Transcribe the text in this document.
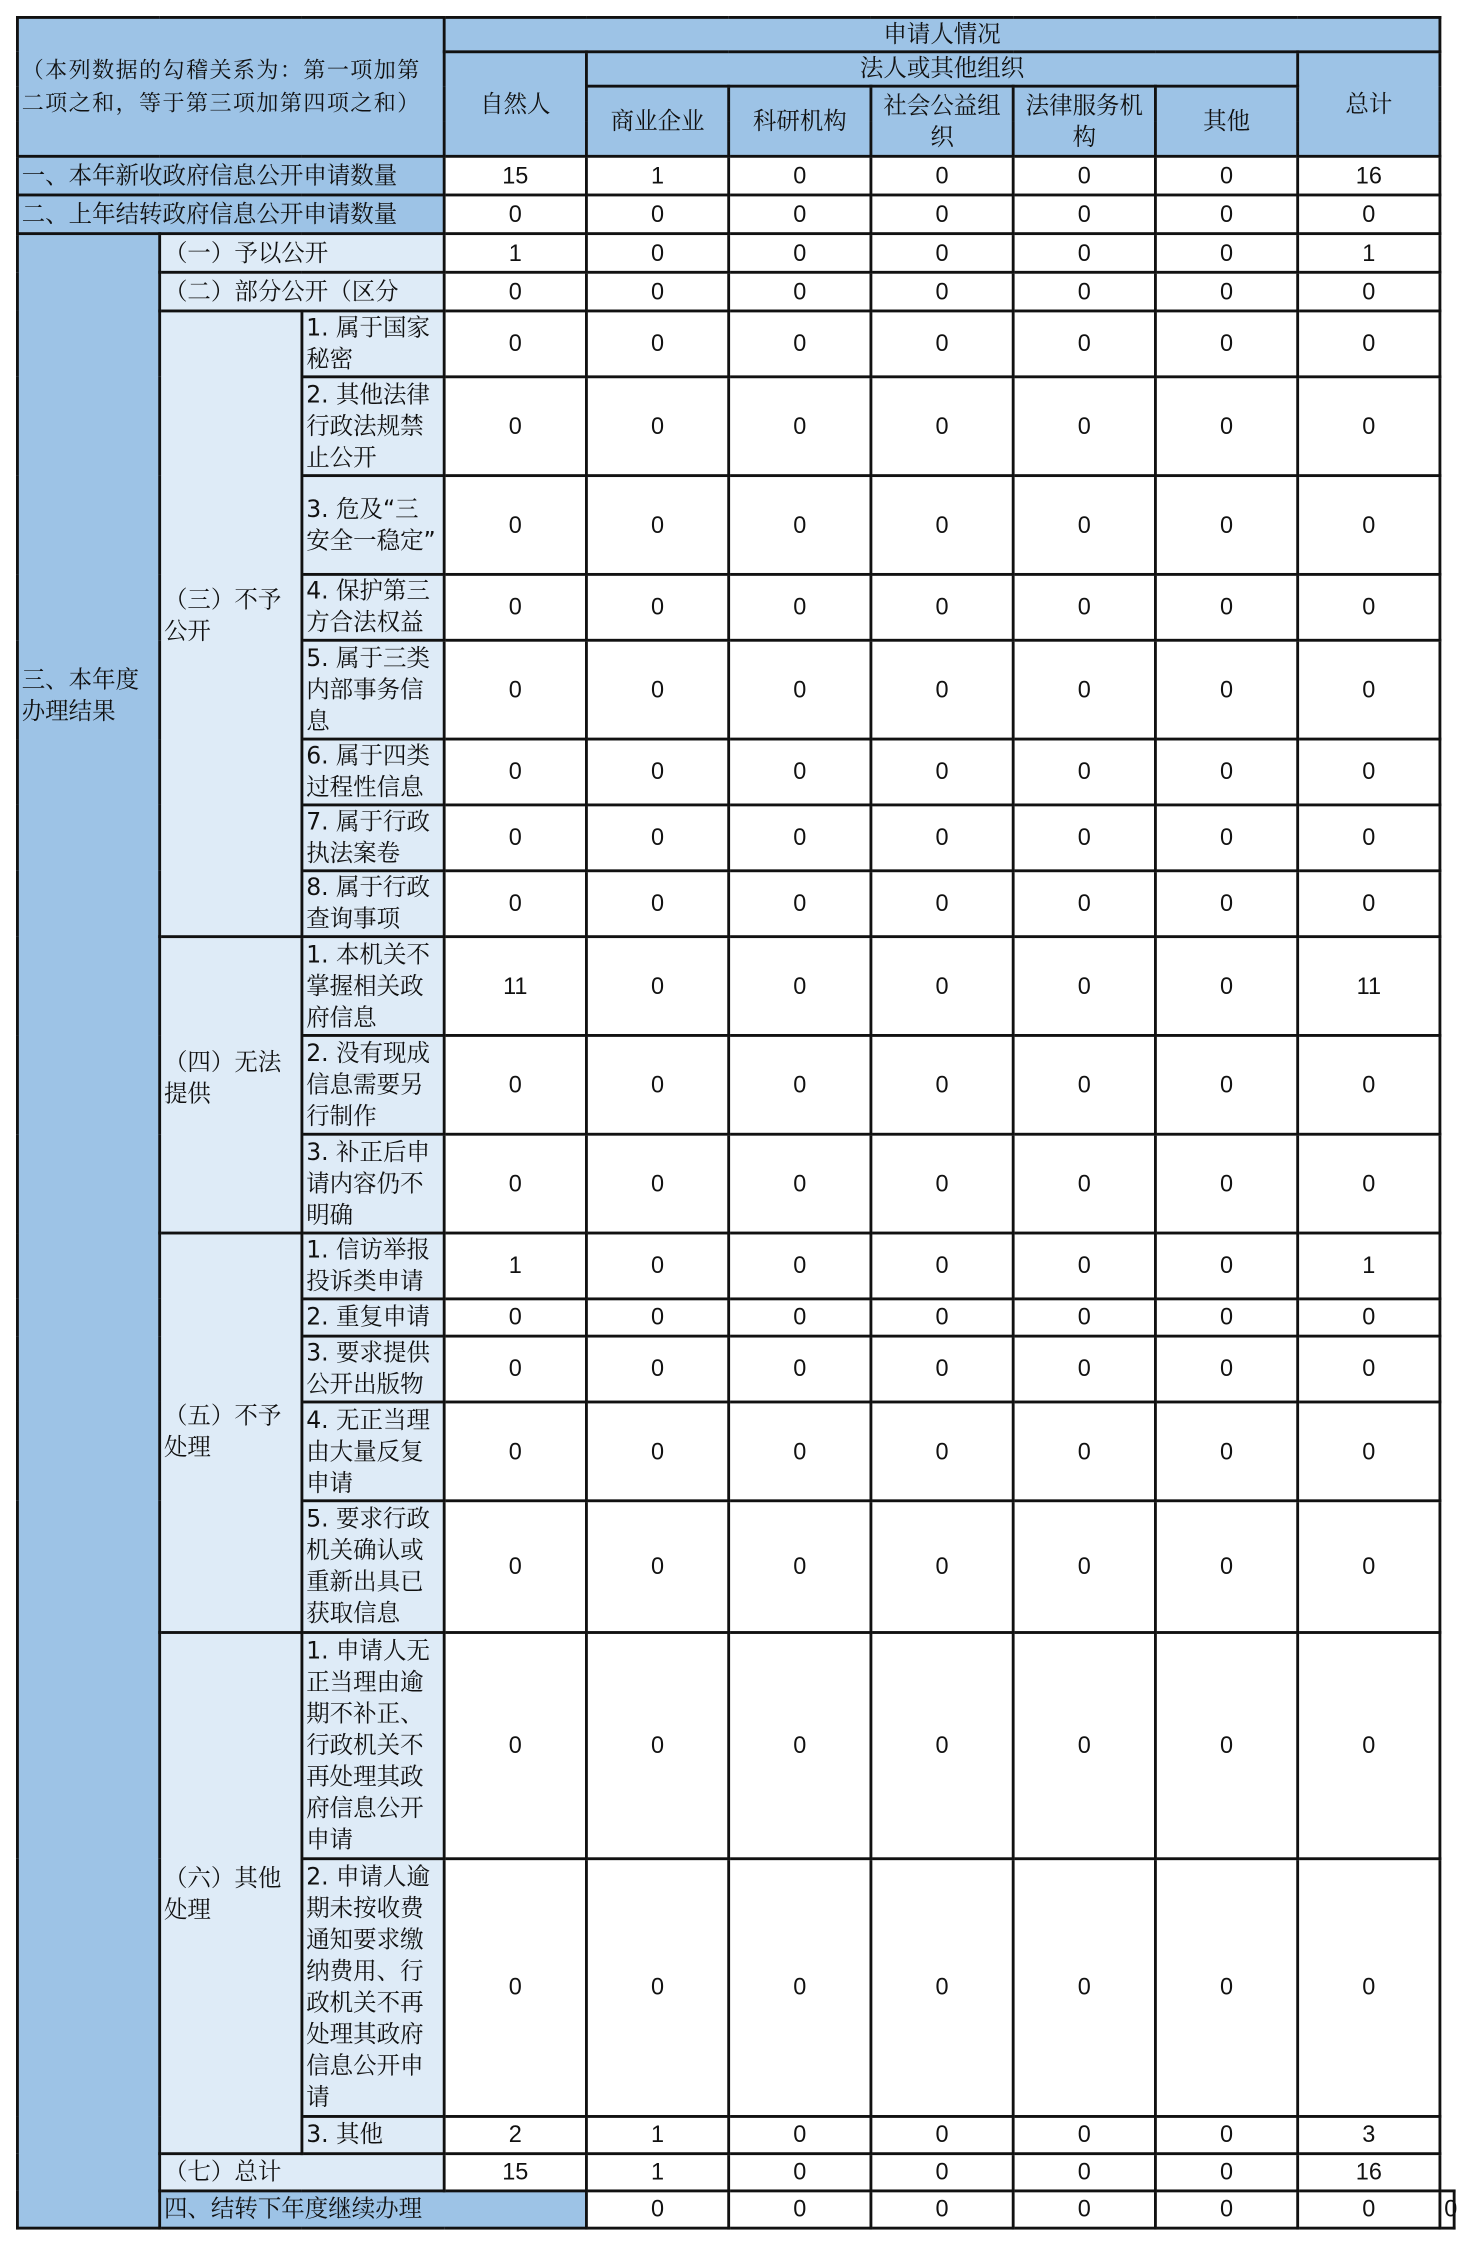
（本列数据的勾稽关系为：第一项加第二项之和，等于第三项加第四项之和）			申请人情况							
			自然人	法人或其他组织					总计	
				商业企业	科研机构	社会公益组织	法律服务机构	其他		

一、本年新收政府信息公开申请数量			15	1	0	0	0	0	16	
二、上年结转政府信息公开申请数量			0	0	0	0	0	0	0	
三、本年度办理结果	（一）予以公开		1	0	0	0	0	0	1	
	（二）部分公开（区分		0	0	0	0	0	0	0	
	（三）不予公开	1. 属于国家秘密	0	0	0	0	0	0	0	
		2. 其他法律行政法规禁止公开	0	0	0	0	0	0	0	
		3. 危及“三安全一稳定”	0	0	0	0	0	0	0	
		4. 保护第三方合法权益	0	0	0	0	0	0	0	
		5. 属于三类内部事务信息	0	0	0	0	0	0	0	
		6. 属于四类过程性信息	0	0	0	0	0	0	0	
		7. 属于行政执法案卷	0	0	0	0	0	0	0	
		8. 属于行政查询事项	0	0	0	0	0	0	0	
	（四）无法提供	1. 本机关不掌握相关政府信息	11	0	0	0	0	0	11	
		2. 没有现成信息需要另行制作	0	0	0	0	0	0	0	
		3. 补正后申请内容仍不明确	0	0	0	0	0	0	0	
	（五）不予处理	1. 信访举报投诉类申请	1	0	0	0	0	0	1	
		2. 重复申请	0	0	0	0	0	0	0	
		3. 要求提供公开出版物	0	0	0	0	0	0	0	
		4. 无正当理由大量反复申请	0	0	0	0	0	0	0	
		5. 要求行政机关确认或重新出具已获取信息	0	0	0	0	0	0	0	
	（六）其他处理	1. 申请人无正当理由逾期不补正、行政机关不再处理其政府信息公开申请	0	0	0	0	0	0	0	
		2. 申请人逾期未按收费通知要求缴纳费用、行政机关不再处理其政府信息公开申请	0	0	0	0	0	0	0	
		3. 其他	2	1	0	0	0	0	3	
	（七）总计		15	1	0	0	0	0	16	
	四、结转下年度继续办理			0	0	0	0	0	0	0
